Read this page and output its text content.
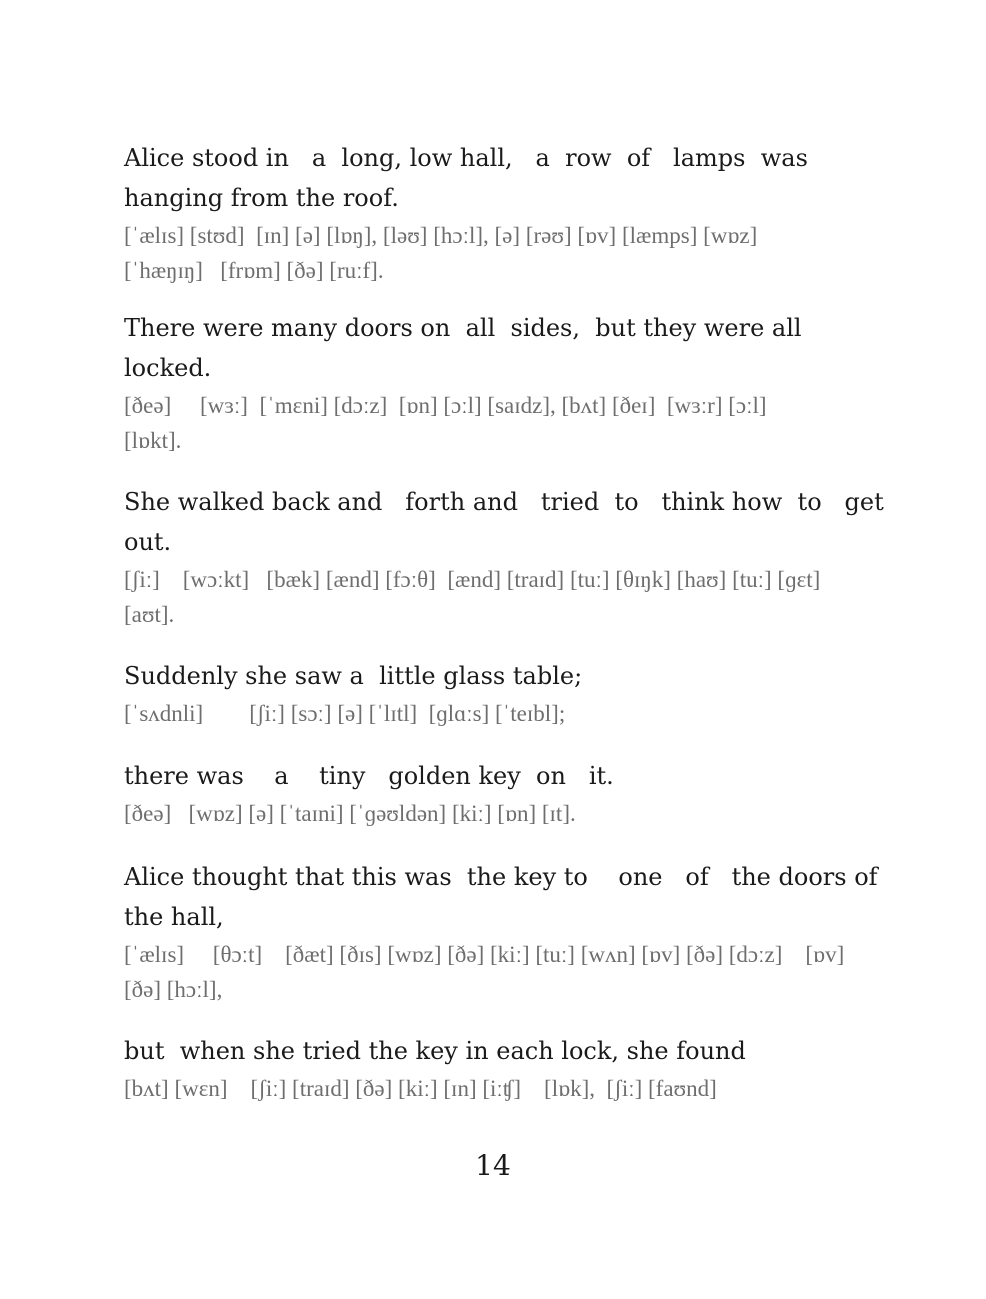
Alice stood in   a  long, low hall,   a  row  of   lamps  was

hanging from the roof.

[ˈælɪs] [stʊd]  [ɪn] [ə] [lɒŋ], [ləʊ] [hɔːl], [ə] [rəʊ] [ɒv] [læmps] [wɒz]

[ˈhæŋɪŋ]   [frɒm] [ðə] [ruːf].

There were many doors on  all  sides,  but they were all

locked.

[ðeə]     [wɜː]  [ˈmɛni] [dɔːz]  [ɒn] [ɔːl] [saɪdz], [bʌt] [ðeɪ]  [wɜːr] [ɔːl]

[lɒkt].

She walked back and   forth and   tried  to   think how  to   get

out.

[ʃiː]    [wɔːkt]   [bæk] [ænd] [fɔːθ]  [ænd] [traɪd] [tuː] [θɪŋk] [haʊ] [tuː] [ɡɛt]

[aʊt].

Suddenly she saw a  little glass table;

[ˈsʌdnli]        [ʃiː] [sɔː] [ə] [ˈlɪtl]  [ɡlɑːs] [ˈteɪbl];

there was    a    tiny   golden key  on   it.

[ðeə]   [wɒz] [ə] [ˈtaɪni] [ˈɡəʊldən] [kiː] [ɒn] [ɪt].

Alice thought that this was  the key to    one   of   the doors of

the hall,

[ˈælɪs]     [θɔːt]    [ðæt] [ðɪs] [wɒz] [ðə] [kiː] [tuː] [wʌn] [ɒv] [ðə] [dɔːz]    [ɒv]

[ðə] [hɔːl],

but  when she tried the key in each lock, she found

[bʌt] [wɛn]    [ʃiː] [traɪd] [ðə] [kiː] [ɪn] [iːʧ]    [lɒk],  [ʃiː] [faʊnd]

14
